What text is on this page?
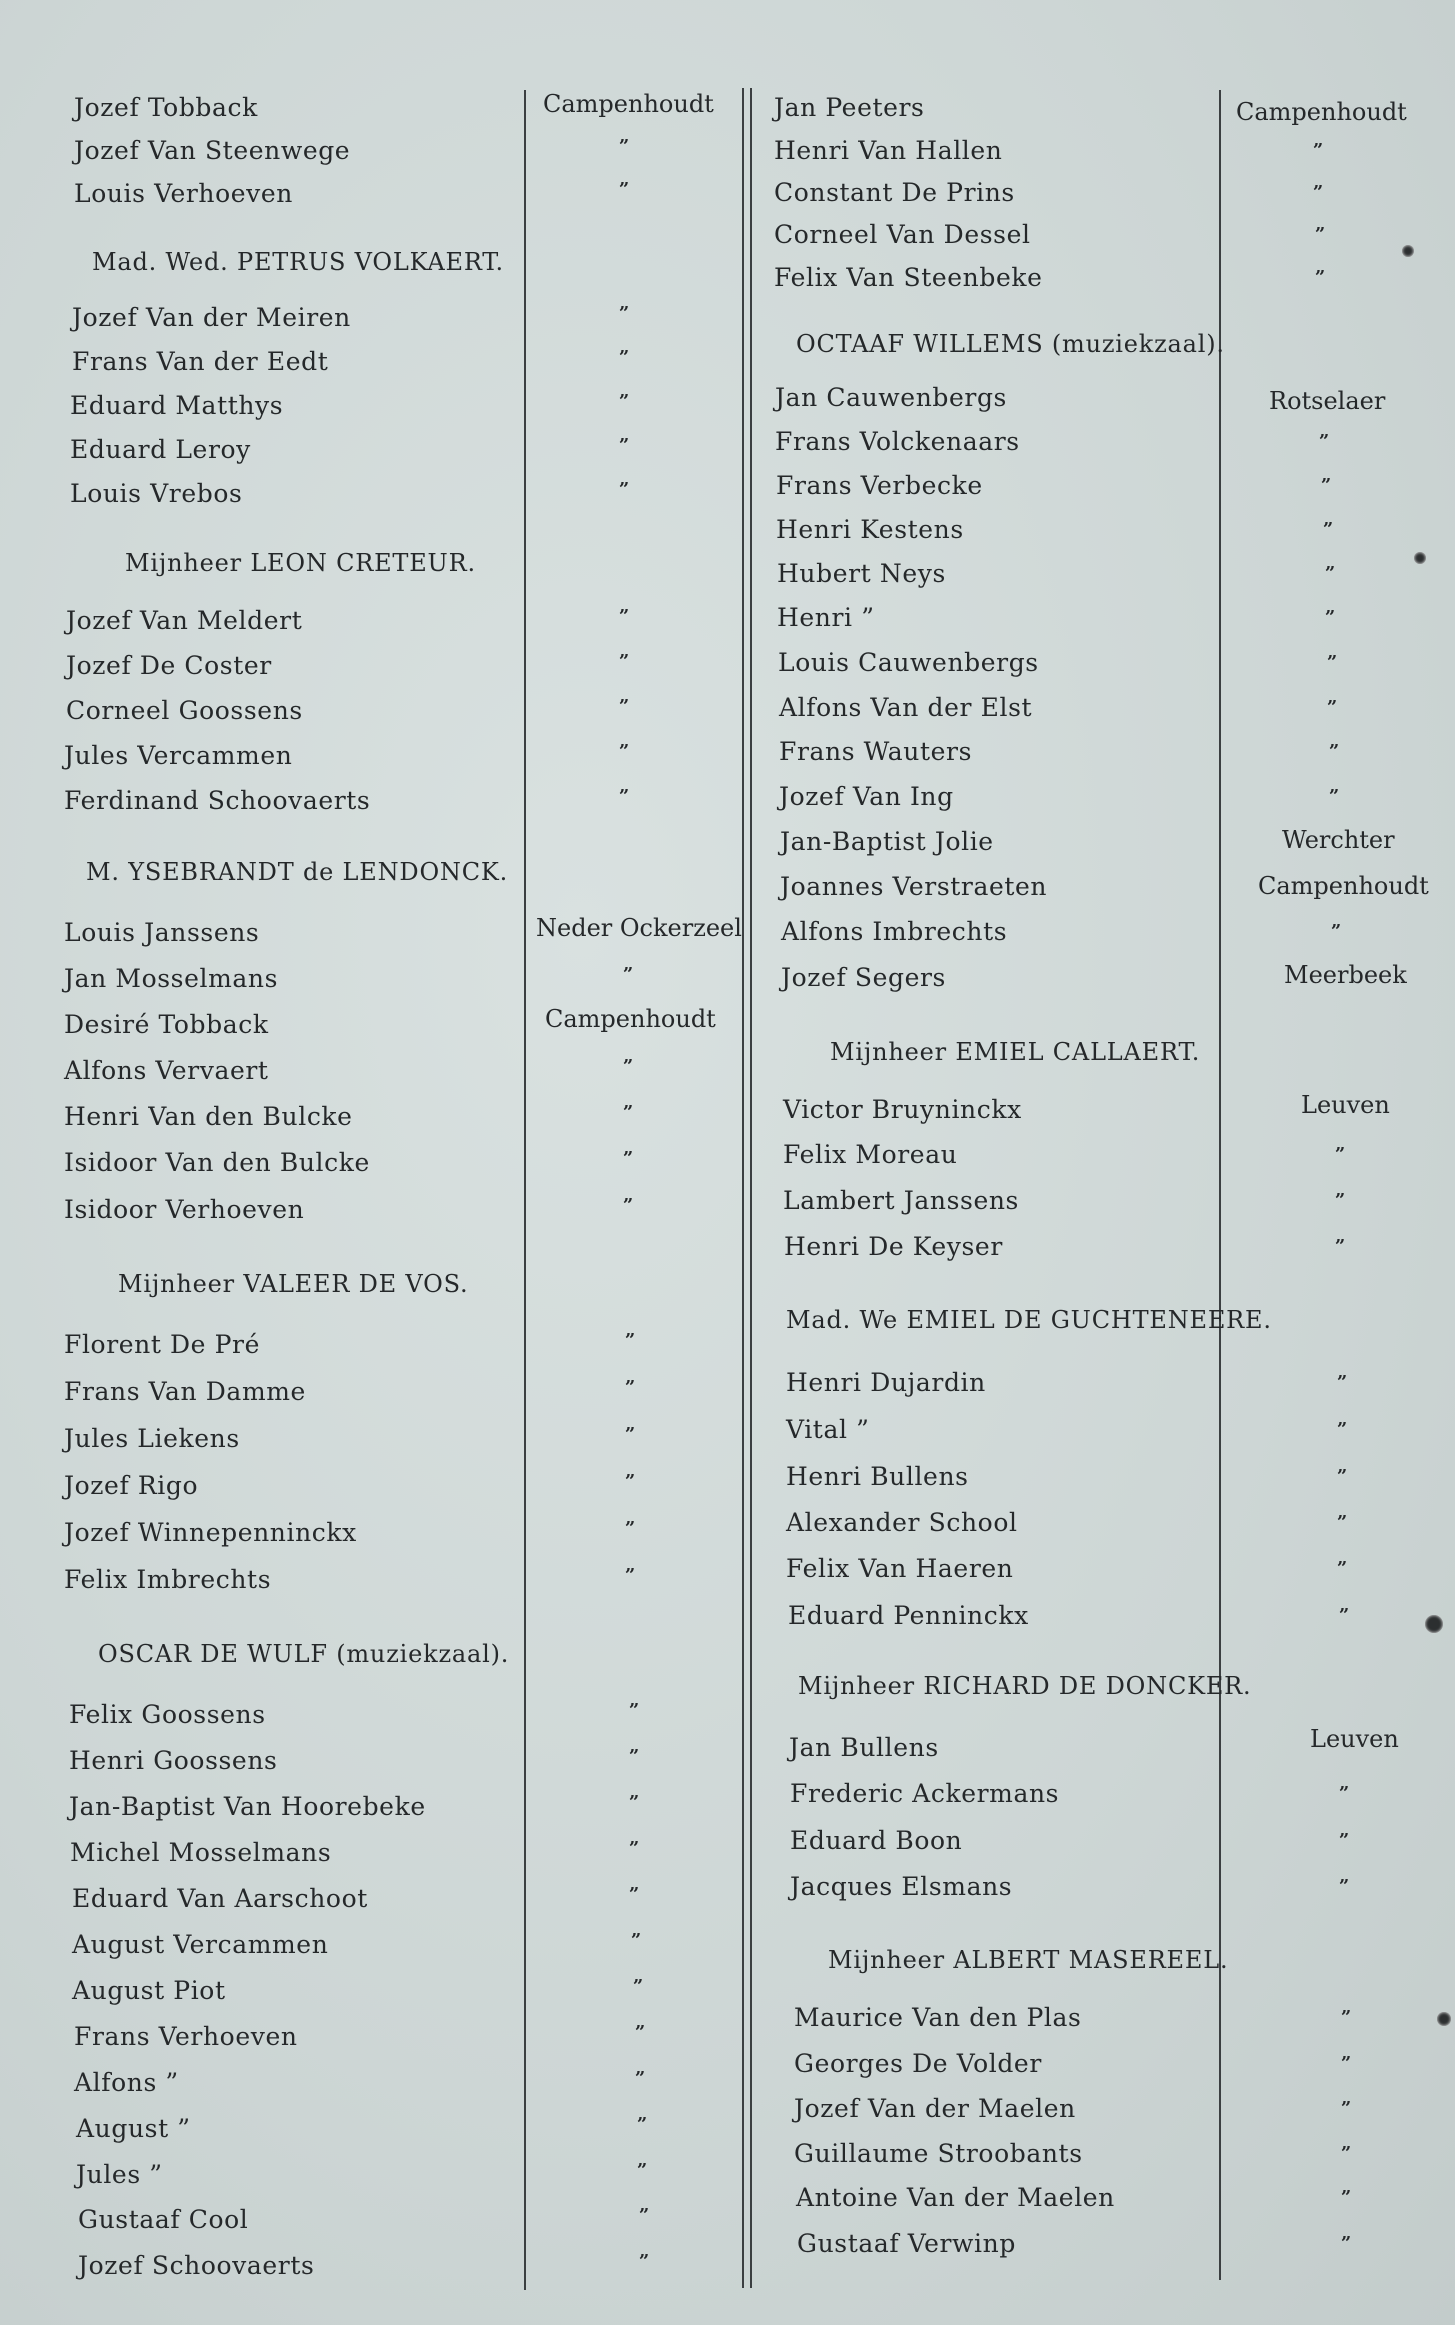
Jozef Tobback	Campenhoudt
Jozef Van Steenwege	”
Louis Verhoeven	”
Mad. Wed. PETRUS VOLKAERT.
Jozef Van der Meiren	”
Frans Van der Eedt	”
Eduard Matthys	”
Eduard Leroy	”
Louis Vrebos	”
Mijnheer LEON CRETEUR.
Jozef Van Meldert	”
Jozef De Coster	”
Corneel Goossens	”
Jules Vercammen	”
Ferdinand Schoovaerts	”
M. YSEBRANDT de LENDONCK.
Louis Janssens	Neder Ockerzeel
Jan Mosselmans	”
Desiré Tobback	Campenhoudt
Alfons Vervaert	”
Henri Van den Bulcke	”
Isidoor Van den Bulcke	”
Isidoor Verhoeven	”
Mijnheer VALEER DE VOS.
Florent De Pré	”
Frans Van Damme	”
Jules Liekens	”
Jozef Rigo	”
Jozef Winnepenninckx	”
Felix Imbrechts	”
OSCAR DE WULF (muziekzaal).
Felix Goossens	”
Henri Goossens	”
Jan-Baptist Van Hoorebeke	”
Michel Mosselmans	”
Eduard Van Aarschoot	”
August Vercammen	”
August Piot	”
Frans Verhoeven	”
Alfons ”	”
August ”	”
Jules ”	”
Gustaaf Cool	”
Jozef Schoovaerts	”
Jan Peeters	Campenhoudt
Henri Van Hallen	”
Constant De Prins	”
Corneel Van Dessel	”
Felix Van Steenbeke	”
OCTAAF WILLEMS (muziekzaal).
Jan Cauwenbergs	Rotselaer
Frans Volckenaars	”
Frans Verbecke	”
Henri Kestens	”
Hubert Neys	”
Henri ”	”
Louis Cauwenbergs	”
Alfons Van der Elst	”
Frans Wauters	”
Jozef Van Ing	”
Jan-Baptist Jolie	Werchter
Joannes Verstraeten	Campenhoudt
Alfons Imbrechts	”
Jozef Segers	Meerbeek
Mijnheer EMIEL CALLAERT.
Victor Bruyninckx	Leuven
Felix Moreau	”
Lambert Janssens	”
Henri De Keyser	”
Mad. We EMIEL DE GUCHTENEERE.
Henri Dujardin	”
Vital ”	”
Henri Bullens	”
Alexander School	”
Felix Van Haeren	”
Eduard Penninckx	”
Mijnheer RICHARD DE DONCKER.
Jan Bullens	Leuven
Frederic Ackermans	”
Eduard Boon	”
Jacques Elsmans	”
Mijnheer ALBERT MASEREEL.
Maurice Van den Plas	”
Georges De Volder	”
Jozef Van der Maelen	”
Guillaume Stroobants	”
Antoine Van der Maelen	”
Gustaaf Verwinp	”
